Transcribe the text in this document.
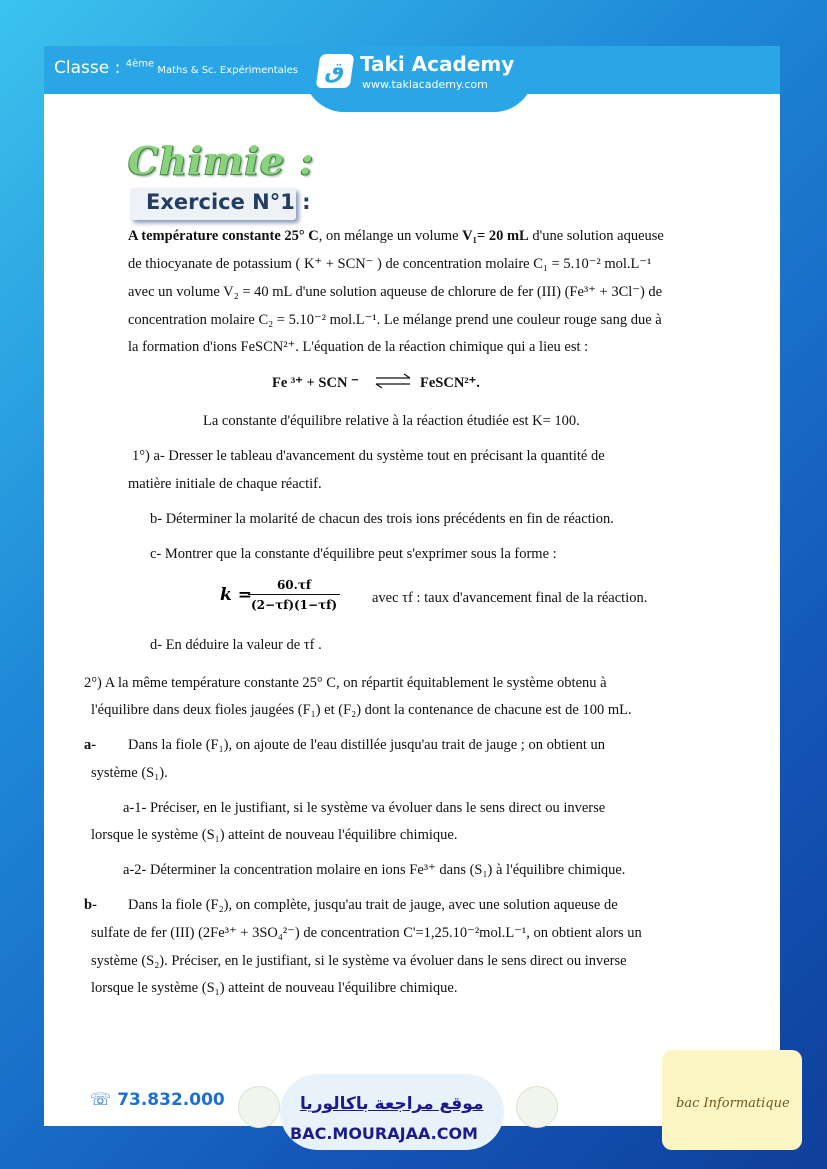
Classe : $^{4ème}$ Maths & Sc. Expérimentales	ق Taki Academy
www.takiacademy.com
Chimie :
Exercice N°1 :
A température constante 25° C, on mélange un volume V₁= 20 mL d'une solution aqueuse
de thiocyanate de potassium ( K⁺ + SCN⁻ ) de concentration molaire C₁ = 5.10⁻² mol.L⁻¹
avec un volume V₂ = 40 mL d'une solution aqueuse de chlorure de fer (III) (Fe³⁺ + 3Cl⁻) de
concentration molaire C₂ = 5.10⁻² mol.L⁻¹. Le mélange prend une couleur rouge sang due à
la formation d'ions FeSCN²⁺. L'équation de la réaction chimique qui a lieu est :
Fe ³⁺ + SCN ⁻ ⇌ FeSCN²⁺.
La constante d'équilibre relative à la réaction étudiée est K= 100.
1°) a- Dresser le tableau d'avancement du système tout en précisant la quantité de
matière initiale de chaque réactif.
b- Déterminer la molarité de chacun des trois ions précédents en fin de réaction.
c- Montrer que la constante d'équilibre peut s'exprimer sous la forme :
k =
$\frac{60.\tau f}{(2-\tau f)(1-\tau f)}$ avec τf : taux d'avancement final de la réaction.
d- En déduire la valeur de τf .
2°) A la même température constante 25° C, on répartit équitablement le système obtenu à
l'équilibre dans deux fioles jaugées (F₁) et (F₂) dont la contenance de chacune est de 100 mL.
a- Dans la fiole (F₁), on ajoute de l'eau distillée jusqu'au trait de jauge ; on obtient un
système (S₁).
a-1- Préciser, en le justifiant, si le système va évoluer dans le sens direct ou inverse
lorsque le système (S₁) atteint de nouveau l'équilibre chimique.
a-2- Déterminer la concentration molaire en ions Fe³⁺ dans (S₁) à l'équilibre chimique.
b- Dans la fiole (F₂), on complète, jusqu'au trait de jauge, avec une solution aqueuse de
sulfate de fer (III) (2Fe³⁺ + 3SO₄²⁻) de concentration C'=1,25.10⁻²mol.L⁻¹, on obtient alors un
système (S₂). Préciser, en le justifiant, si le système va évoluer dans le sens direct ou inverse
lorsque le système (S₁) atteint de nouveau l'équilibre chimique.
☏ 73.832.000	موقع مراجعة باكالوريا
BAC.MOURAJAA.COM
bac Informatique
